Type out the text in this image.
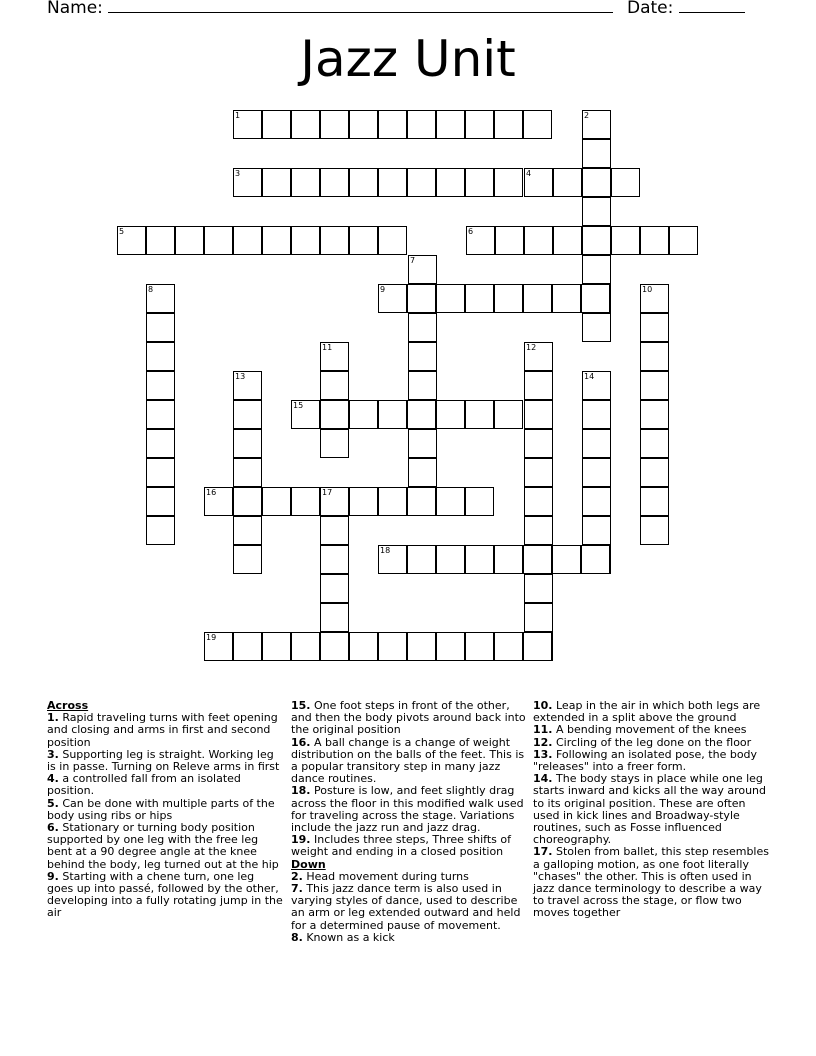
Name:	Date:
Jazz Unit
1	2
3	4
5	6
7
8	9	10
11	12
13	14
15
16	17
18
19

Across

1. Rapid traveling turns with feet opening and closing and arms in first and second position

3. Supporting leg is straight. Working leg is in passe. Turning on Releve arms in first

4. a controlled fall from an isolated position.

5. Can be done with multiple parts of the body using ribs or hips

6. Stationary or turning body position supported by one leg with the free leg bent at a 90 degree angle at the knee behind the body, leg turned out at the hip

9. Starting with a chene turn, one leg goes up into passé, followed by the other, developing into a fully rotating jump in the air

15. One foot steps in front of the other, and then the body pivots around back into the original position

16. A ball change is a change of weight distribution on the balls of the feet. This is a popular transitory step in many jazz dance routines.

18. Posture is low, and feet slightly drag across the floor in this modified walk used for traveling across the stage. Variations include the jazz run and jazz drag.

19. Includes three steps, Three shifts of weight and ending in a closed position

Down

2. Head movement during turns

7. This jazz dance term is also used in varying styles of dance, used to describe an arm or leg extended outward and held for a determined pause of movement.

8. Known as a kick

10. Leap in the air in which both legs are extended in a split above the ground

11. A bending movement of the knees

12. Circling of the leg done on the floor

13. Following an isolated pose, the body "releases" into a freer form.

14. The body stays in place while one leg starts inward and kicks all the way around to its original position. These are often used in kick lines and Broadway-style routines, such as Fosse influenced choreography.

17. Stolen from ballet, this step resembles a galloping motion, as one foot literally "chases" the other. This is often used in jazz dance terminology to describe a way to travel across the stage, or flow two moves together
